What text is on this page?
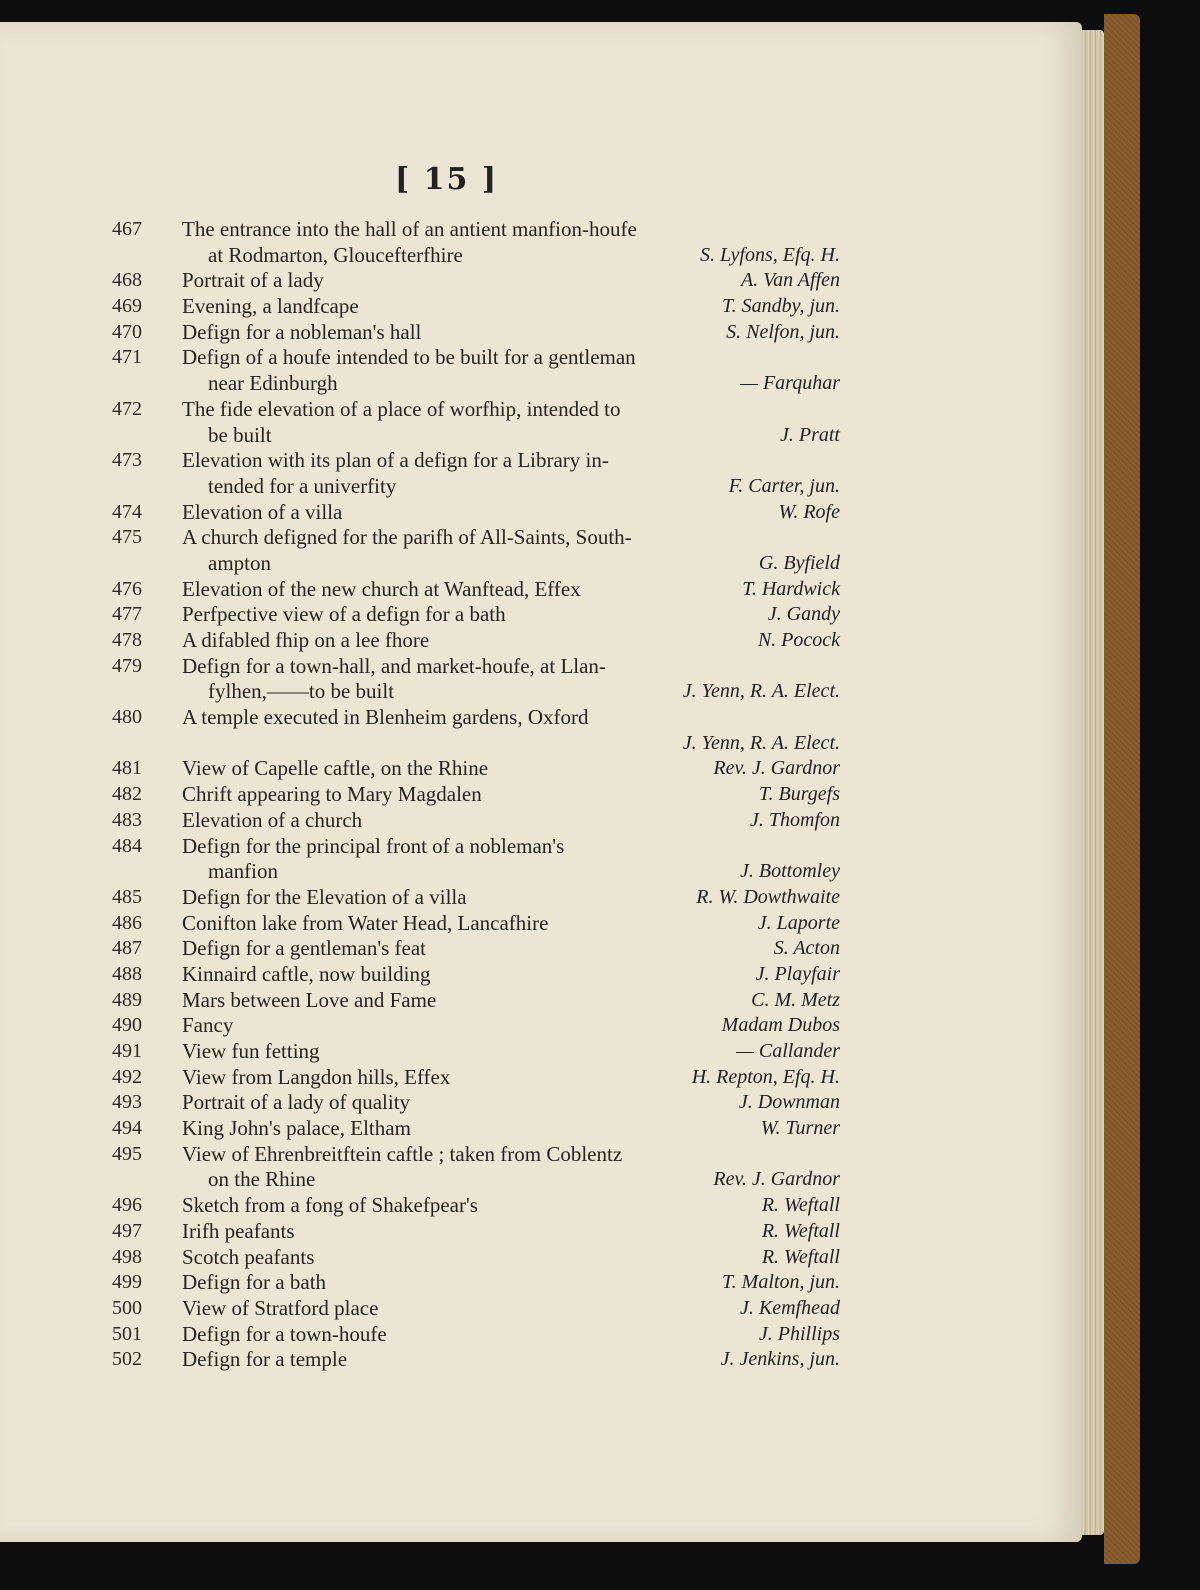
[ 15 ]
467	The entrance into the hall of an antient manfion-houfe
at Rodmarton, Gloucefterfhire	S. Lyfons, Efq. H.
468	Portrait of a lady	A. Van Affen
469	Evening, a landfcape	T. Sandby, jun.
470	Defign for a nobleman's hall	S. Nelfon, jun.
471	Defign of a houfe intended to be built for a gentleman
near Edinburgh	— Farquhar
472	The fide elevation of a place of worfhip, intended to
be built	J. Pratt
473	Elevation with its plan of a defign for a Library in-
tended for a univerfity	F. Carter, jun.
474	Elevation of a villa	W. Rofe
475	A church defigned for the parifh of All-Saints, South-
ampton	G. Byfield
476	Elevation of the new church at Wanftead, Effex	T. Hardwick
477	Perfpective view of a defign for a bath	J. Gandy
478	A difabled fhip on a lee fhore	N. Pocock
479	Defign for a town-hall, and market-houfe, at Llan-
fylhen,——to be built	J. Yenn, R. A. Elect.
480	A temple executed in Blenheim gardens, Oxford
J. Yenn, R. A. Elect.
481	View of Capelle caftle, on the Rhine	Rev. J. Gardnor
482	Chrift appearing to Mary Magdalen	T. Burgefs
483	Elevation of a church	J. Thomfon
484	Defign for the principal front of a nobleman's
manfion	J. Bottomley
485	Defign for the Elevation of a villa	R. W. Dowthwaite
486	Conifton lake from Water Head, Lancafhire	J. Laporte
487	Defign for a gentleman's feat	S. Acton
488	Kinnaird caftle, now building	J. Playfair
489	Mars between Love and Fame	C. M. Metz
490	Fancy	Madam Dubos
491	View fun fetting	— Callander
492	View from Langdon hills, Effex	H. Repton, Efq. H.
493	Portrait of a lady of quality	J. Downman
494	King John's palace, Eltham	W. Turner
495	View of Ehrenbreitftein caftle ; taken from Coblentz
on the Rhine	Rev. J. Gardnor
496	Sketch from a fong of Shakefpear's	R. Weftall
497	Irifh peafants	R. Weftall
498	Scotch peafants	R. Weftall
499	Defign for a bath	T. Malton, jun.
500	View of Stratford place	J. Kemfhead
501	Defign for a town-houfe	J. Phillips
502	Defign for a temple	J. Jenkins, jun.
